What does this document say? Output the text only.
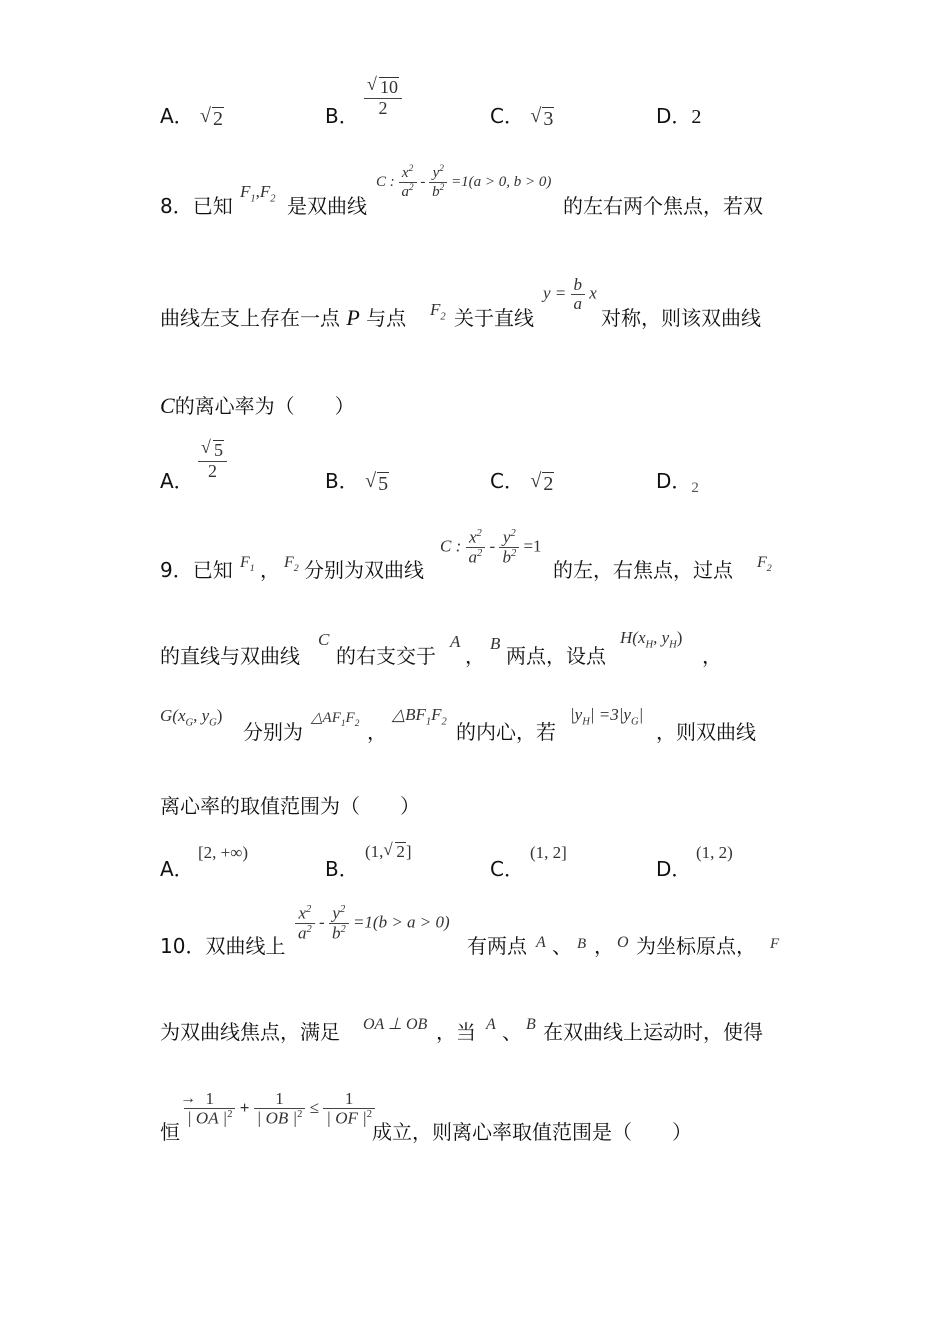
A． √ 2	B． √ $\frac{10}{2}$	C． √ 3	D．2
8．已知
$F_1,F_2$ 是双曲线
C : $\frac{x^2}{a^2} - \frac{y^2}{b^2} =1(a > 0$, b > 0)
的左右两个焦点，若双
曲线左支上存在一点 P 与点 $F_2$ 关于直线
$y = \frac{b}{a}$ x
对称，则该双曲线
C的离心率为（　　）
A． √ $\frac{5}{2}$	B． √ 5	C． √ 2	D．$_2$
9．已知 $F_1$ ， $F_2$ 分别为双曲线
C : $\frac{x^2}{a^2} - \frac{y^2}{b^2} =1$
的左，右焦点，过点 $F_2$
的直线与双曲线
C
的右支交于
A
，
B
两点，设点
$H(x_H$, $y_H$)
，
$G(x_G$, $y_G$)
分别为
$\triangle AF_1F_2$ ，
$\triangle BF_1F_2$ 的内心，若
$|y_H| =3|y_G|$
，则双曲线
离心率的取值范围为（　　）
A．
[2, +∞)
B．
(1, √ 2]
C．
(1, 2]
D．
(1, 2)
10．双曲线上
$\frac{x^2}{a^2} - \frac{y^2}{b^2} =1(b > a > 0)$
有两点 A 、 B ， O 为坐标原点， F
为双曲线焦点，满足 OA ⊥ OB ，当 A 、 B 在双曲线上运动时，使得
恒
→
$\frac{1}{| OA |^2} + \frac{1}{| OB |^2} \le \frac{1}{| OF |^2}$
成立，则离心率取值范围是（　　）
